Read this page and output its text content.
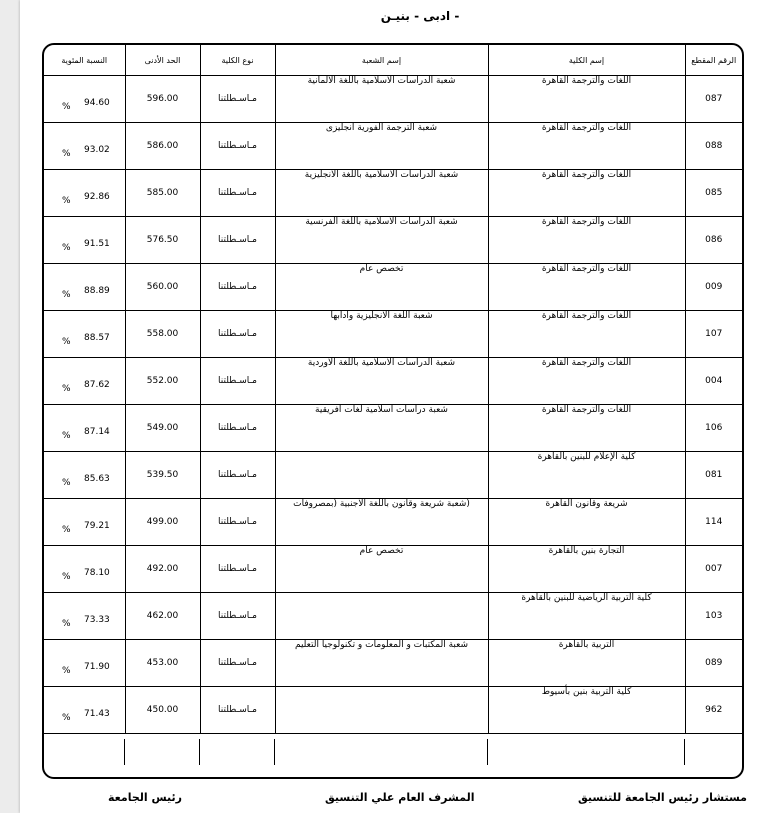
- ادبى - بنيـن
الرقم المقطع	إسم الكلية	إسم الشعبة	نوع الكلية	الحد الأدنى	النسبة المئوية
087	اللغات والترجمة القاهرة	شعبة الدراسات الاسلامية باللغة الالمانية	مـاسـطلتنا	596.00	% 94.60

088	اللغات والترجمة القاهرة	شعبة الترجمة الفورية انجليزى	مـاسـطلتنا	586.00	% 93.02

085	اللغات والترجمة القاهرة	شعبة الدراسات الاسلامية باللغة الانجليزية	مـاسـطلتنا	585.00	% 92.86

086	اللغات والترجمة القاهرة	شعبة الدراسات الاسلامية باللغة الفرنسية	مـاسـطلتنا	576.50	% 91.51

009	اللغات والترجمة القاهرة	تخصص عام	مـاسـطلتنا	560.00	% 88.89

107	اللغات والترجمة القاهرة	شعبة اللغة الانجليزية وادابها	مـاسـطلتنا	558.00	% 88.57

004	اللغات والترجمة القاهرة	شعبة الدراسات الاسلامية باللغة الاوردية	مـاسـطلتنا	552.00	% 87.62

106	اللغات والترجمة القاهرة	شعبة دراسات اسلامية لغات افريقية	مـاسـطلتنا	549.00	% 87.14

081	كلية الإعلام للبنين بالقاهرة		مـاسـطلتنا	539.50	% 85.63

114	شريعة وقانون القاهرة	(شعبة شريعة وقانون باللغة الاجنبية (بمصروفات	مـاسـطلتنا	499.00	% 79.21

007	التجارة بنين بالقاهرة	تخصص عام	مـاسـطلتنا	492.00	% 78.10

103	كلية التربية الرياضية للبنين بالقاهرة		مـاسـطلتنا	462.00	% 73.33

089	التربية بالقاهرة	شعبة المكتبات و المعلومات و تكنولوجيا التعليم	مـاسـطلتنا	453.00	% 71.90

962	كلية التربية بنين بأسيوط		مـاسـطلتنا	450.00	% 71.43
رئيس الجامعة	المشرف العام علي التنسيق	مستشار رئيس الجامعة للتنسيق
